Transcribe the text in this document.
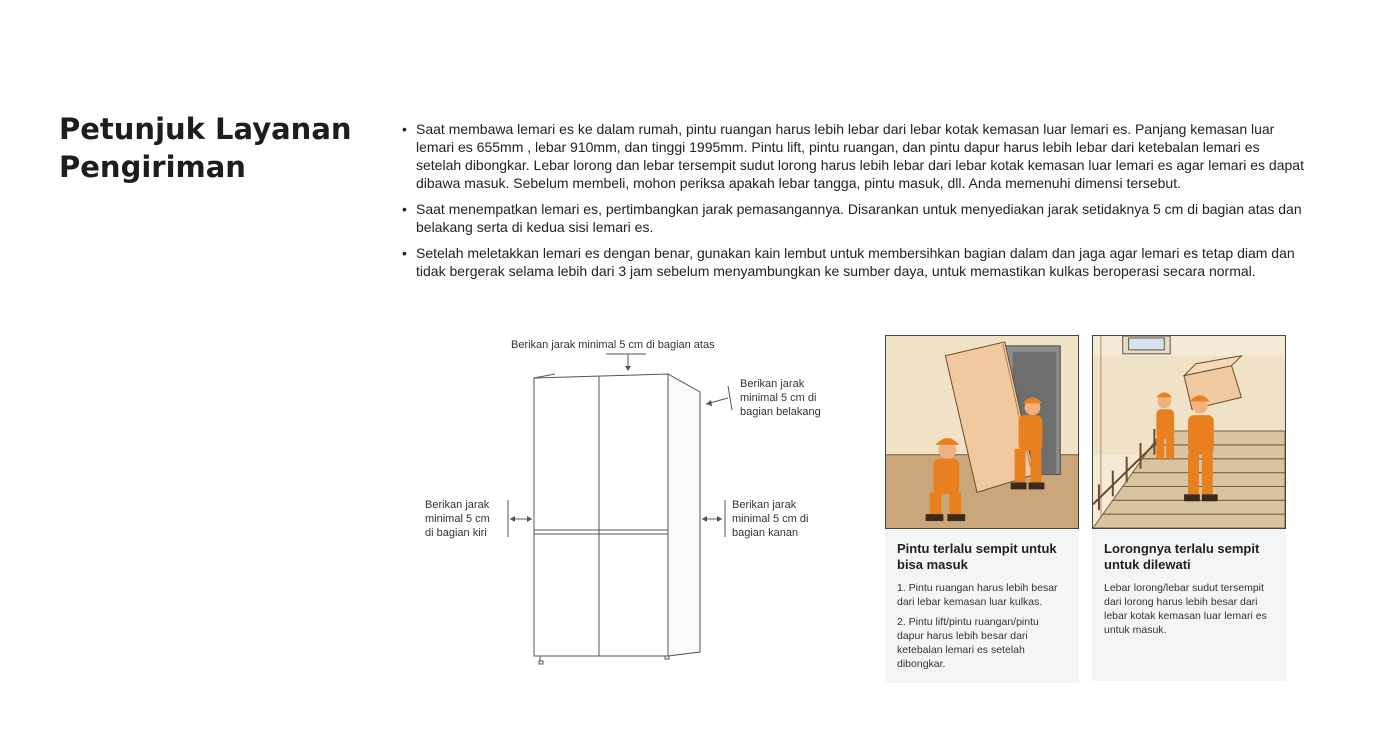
Petunjuk Layanan
Pengiriman
• Saat membawa lemari es ke dalam rumah, pintu ruangan harus lebih lebar dari lebar kotak kemasan luar lemari es. Panjang kemasan luar lemari es 655mm , lebar 910mm, dan tinggi 1995mm. Pintu lift, pintu ruangan, dan pintu dapur harus lebih lebar dari ketebalan lemari es setelah dibongkar. Lebar lorong dan lebar tersempit sudut lorong harus lebih lebar dari lebar kotak kemasan luar lemari es agar lemari es dapat dibawa masuk. Sebelum membeli, mohon periksa apakah lebar tangga, pintu masuk, dll. Anda memenuhi dimensi tersebut.
• Saat menempatkan lemari es, pertimbangkan jarak pemasangannya. Disarankan untuk menyediakan jarak setidaknya 5 cm di bagian atas dan belakang serta di kedua sisi lemari es.
• Setelah meletakkan lemari es dengan benar, gunakan kain lembut untuk membersihkan bagian dalam dan jaga agar lemari es tetap diam dan tidak bergerak selama lebih dari 3 jam sebelum menyambungkan ke sumber daya, untuk memastikan kulkas beroperasi secara normal.
Berikan jarak minimal 5 cm di bagian atas
Berikan jarak
minimal 5 cm di
bagian belakang
Berikan jarak
minimal 5 cm
di bagian kiri
Berikan jarak
minimal 5 cm di
bagian kanan
Pintu terlalu sempit untuk bisa masuk

1. Pintu ruangan harus lebih besar dari lebar kemasan luar kulkas.

2. Pintu lift/pintu ruangan/pintu dapur harus lebih besar dari ketebalan lemari es setelah dibongkar.

Lorongnya terlalu sempit untuk dilewati

Lebar lorong/lebar sudut tersempit dari lorong harus lebih besar dari lebar kotak kemasan luar lemari es untuk masuk.
